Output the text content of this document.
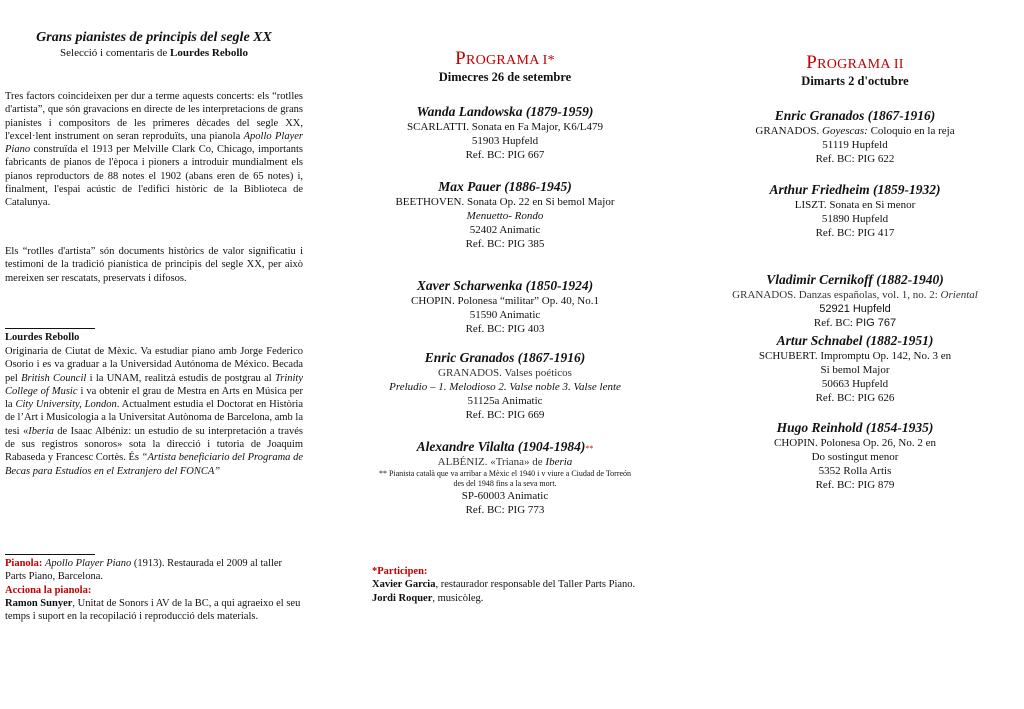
Grans pianistes de principis del segle XX
Selecció i comentaris de Lourdes Rebollo

Tres factors coincideixen per dur a terme aquests concerts: els “rotlles d'artista”, que són gravacions en directe de les interpretacions de grans pianistes i compositors de les primeres dècades del segle XX, l'excel·lent instrument on seran reproduïts, una pianola Apollo Player Piano construïda el 1913 per Melville Clark Co, Chicago, importants fabricants de pianos de l'època i pioners a introduir mundialment els pianos reproductors de 88 notes el 1902 (abans eren de 65 notes) i, finalment, l'espai acústic de l'edifici històric de la Biblioteca de Catalunya.

Els “rotlles d'artista” són documents històrics de valor significatiu i testimoni de la tradició pianística de principis del segle XX, per això mereixen ser rescatats, preservats i difosos.

Lourdes Rebollo

Originaria de Ciutat de Mèxic. Va estudiar piano amb Jorge Federico Osorio i es va graduar a la Universidad Autónoma de México. Becada pel British Council i la UNAM, realitzà estudis de postgrau al Trinity College of Music i va obtenir el grau de Mestra en Arts en Música per la City University, London. Actualment estudia el Doctorat en Història de l’Art i Musicologia a la Universitat Autònoma de Barcelona, amb la tesi «Iberia de Isaac Albéniz: un estudio de su interpretación a través de sus registros sonoros» sota la direcció i tutoria de Joaquim Rabaseda y Francesc Cortès. És “Artista beneficiario del Programa de Becas para Estudios en el Extranjero del FONCA”

Pianola: Apollo Player Piano (1913). Restaurada el 2009 al taller Parts Piano, Barcelona.
Acciona la pianola:
Ramon Sunyer, Unitat de Sonors i AV de la BC, a qui agraeixo el seu temps i suport en la recopilació i reproducció dels materials.

PROGRAMA I*
Dimecres 26 de setembre
Wanda Landowska (1879-1959)
SCARLATTI. Sonata en Fa Major, K6/L479
51903 Hupfeld
Ref. BC: PIG 667
Max Pauer (1886-1945)
BEETHOVEN. Sonata Op. 22 en Si bemol Major
Menuetto- Rondo
52402 Animatic
Ref. BC: PIG 385
Xaver Scharwenka (1850-1924)
CHOPIN. Polonesa “militar” Op. 40, No.1
51590 Animatic
Ref. BC: PIG 403
Enric Granados (1867-1916)
GRANADOS. Valses poéticos
Preludio – 1. Melodioso 2. Valse noble 3. Valse lente
51125a Animatic
Ref. BC: PIG 669
Alexandre Vilalta (1904-1984)**
ALBÉNIZ. «Triana» de Iberia
** Pianista català que va arribar a Mèxic el 1940 i v viure a Ciudad de Torreón des del 1948 fins a la seva mort.
SP-60003 Animatic
Ref. BC: PIG 773

*Participen:
Xavier Garcia, restaurador responsable del Taller Parts Piano.
Jordi Roquer, musicòleg.

PROGRAMA II
Dimarts 2 d'octubre
Enric Granados (1867-1916)
GRANADOS. Goyescas: Coloquio en la reja
51119 Hupfeld
Ref. BC: PIG 622
Arthur Friedheim (1859-1932)
LISZT. Sonata en Si menor
51890 Hupfeld
Ref. BC: PIG 417
Vladimir Cernikoff (1882-1940)
GRANADOS. Danzas españolas, vol. 1, no. 2: Oriental
52921 Hupfeld
Ref. BC: PIG 767
Artur Schnabel (1882-1951)
SCHUBERT. Impromptu Op. 142, No. 3 en
Si bemol Major
50663 Hupfeld
Ref. BC: PIG 626
Hugo Reinhold (1854-1935)
CHOPIN. Polonesa Op. 26, No. 2 en
Do sostingut menor
5352 Rolla Artis
Ref. BC: PIG 879
